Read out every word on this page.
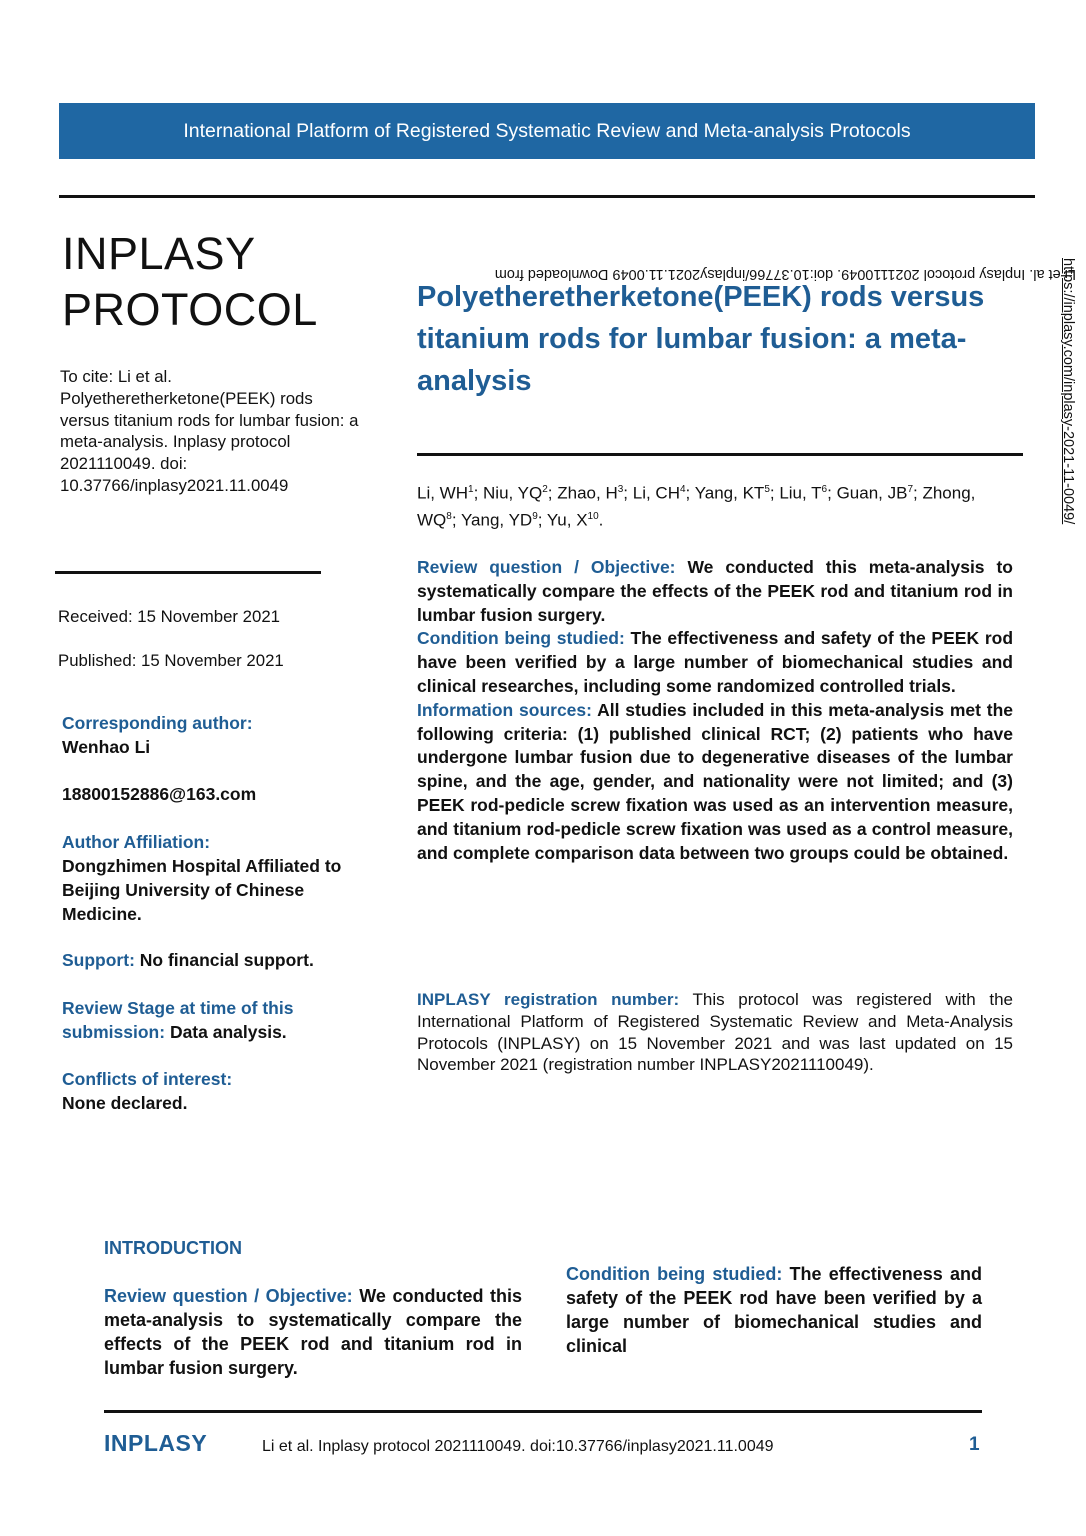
International Platform of Registered Systematic Review and Meta-analysis Protocols
INPLASY
PROTOCOL
To cite: Li et al. Polyetheretherketone(PEEK) rods versus titanium rods for lumbar fusion: a meta-analysis. Inplasy protocol 2021110049. doi: 10.37766/inplasy2021.11.0049

Received: 15 November 2021

Published: 15 November 2021

Corresponding author:
Wenhao Li
18800152886@163.com
Author Affiliation:
Dongzhimen Hospital Affiliated to Beijing University of Chinese Medicine.
Support: No financial support.
Review Stage at time of this submission: Data analysis.
Conflicts of interest:
None declared.
Polyetheretherketone(PEEK) rods versus titanium rods for lumbar fusion: a meta-analysis
Li, $WH^1$; Niu, $YQ^2$; Zhao, $H^3$; Li, $CH^4$; Yang, $KT^5$; Liu, $T^6$; Guan, $JB^7$; Zhong, $WQ^8$; Yang, $YD^9$; Yu, $X^{10}$.

Review question / Objective: We conducted this meta-analysis to systematically compare the effects of the PEEK rod and titanium rod in lumbar fusion surgery.

Condition being studied: The effectiveness and safety of the PEEK rod have been verified by a large number of biomechanical studies and clinical researches, including some randomized controlled trials.

Information sources: All studies included in this meta-analysis met the following criteria: (1) published clinical RCT; (2) patients who have undergone lumbar fusion due to degenerative diseases of the lumbar spine, and the age, gender, and nationality were not limited; and (3) PEEK rod-pedicle screw fixation was used as an intervention measure, and titanium rod-pedicle screw fixation was used as a control measure, and complete comparison data between two groups could be obtained.

INPLASY registration number: This protocol was registered with the International Platform of Registered Systematic Review and Meta-Analysis Protocols (INPLASY) on 15 November 2021 and was last updated on 15 November 2021 (registration number INPLASY2021110049).
INTRODUCTION
Review question / Objective: We conducted this meta-analysis to systematically compare the effects of the PEEK rod and titanium rod in lumbar fusion surgery.
Condition being studied: The effectiveness and safety of the PEEK rod have been verified by a large number of biomechanical studies and clinical
INPLASY	Li et al. Inplasy protocol 2021110049. doi:10.37766/inplasy2021.11.0049	1
Li et al. Inplasy protocol 2021110049. doi:10.37766/inplasy2021.11.0049 Downloaded from
https://inplasy.com/inplasy-2021-11-0049/
